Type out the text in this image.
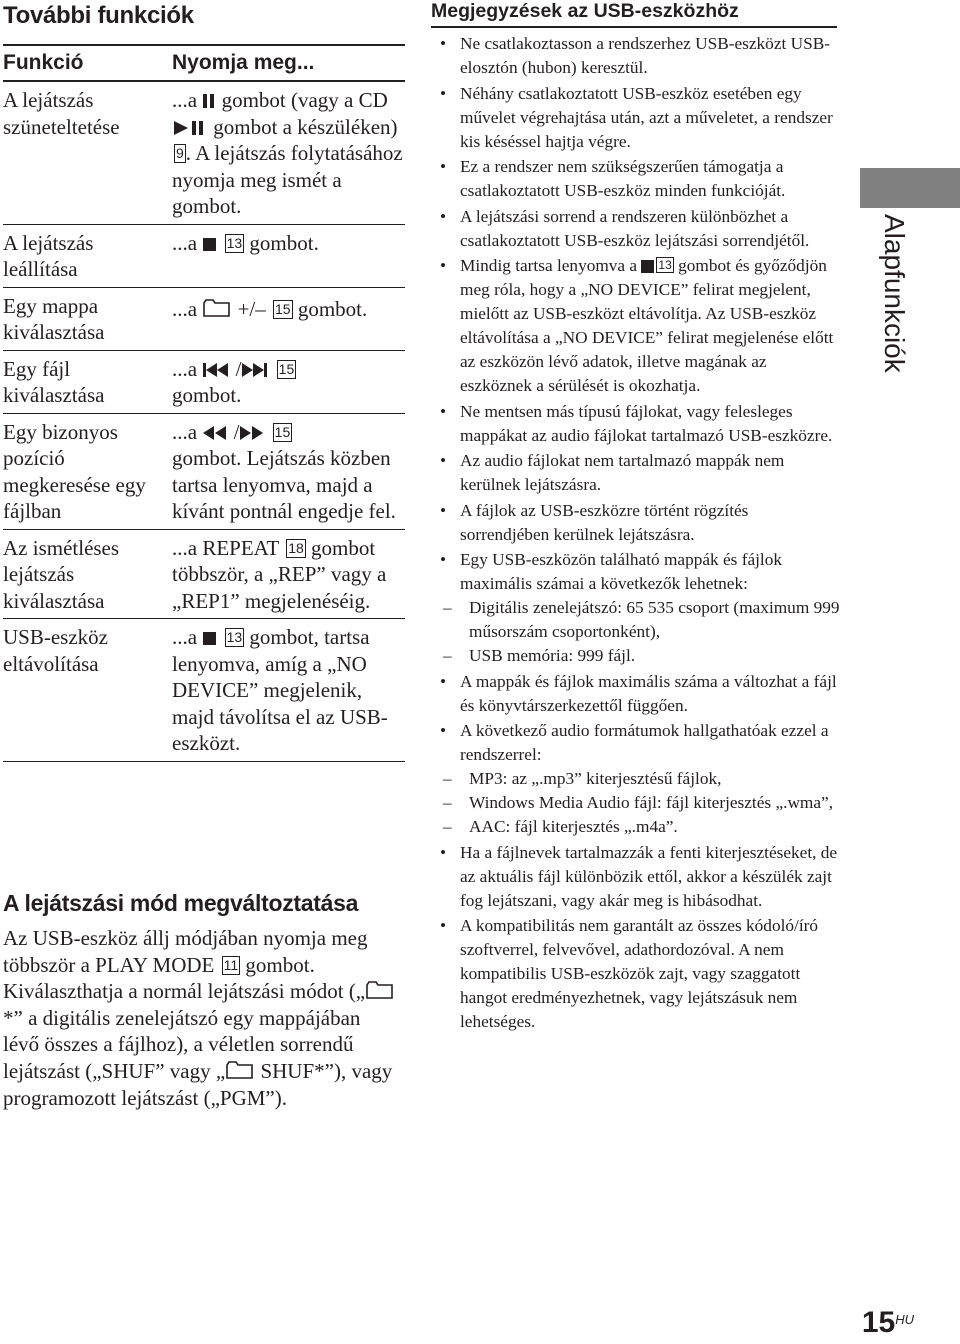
További funkciók
Funkció	Nyomja meg...
A lejátszás szüneteltetése
...a gombot (vagy a CD  gombot a készüléken) 9. A lejátszás folytatásához nyomja meg ismét a gombot.
A lejátszás leállítása
...a 13 gombot.
Egy mappa kiválasztása
...a +/– 15 gombot.
Egy fájl kiválasztása
...a /	15
gombot.
Egy bizonyos pozíció megkeresése egy fájlban
...a /	15
gombot. Lejátszás közben tartsa lenyomva, majd a kívánt pontnál engedje fel.
Az ismétléses lejátszás kiválasztása
...a REPEAT 18 gombot többször, a „REP” vagy a „REP1” megjelenéséig.
USB-eszköz eltávolítása
...a 13 gombot, tartsa lenyomva, amíg a „NO DEVICE” megjelenik, majd távolítsa el az USB-eszközt.
A lejátszási mód megváltoztatása
Az USB-eszköz állj módjában nyomja meg többször a PLAY MODE 11 gombot. Kiválaszthatja a normál lejátszási módot („*” a digitális zenelejátszó egy mappájában lévő összes a fájlhoz), a véletlen sorrendű lejátszást („SHUF” vagy „ SHUF*”), vagy programozott lejátszást („PGM”).
Megjegyzések az USB-eszközhöz
• Ne csatlakoztasson a rendszerhez USB-eszközt USB-elosztón (hubon) keresztül.
• Néhány csatlakoztatott USB-eszköz esetében egy művelet végrehajtása után, azt a műveletet, a rendszer kis késéssel hajtja végre.
• Ez a rendszer nem szükségszerűen támogatja a csatlakoztatott USB-eszköz minden funkcióját.
• A lejátszási sorrend a rendszeren különbözhet a csatlakoztatott USB-eszköz lejátszási sorrendjétől.
• Mindig tartsa lenyomva a 13 gombot és győződjön meg róla, hogy a „NO DEVICE” felirat megjelent, mielőtt az USB-eszközt eltávolítja. Az USB-eszköz eltávolítása a „NO DEVICE” felirat megjelenése előtt az eszközön lévő adatok, illetve magának az eszköznek a sérülését is okozhatja.
• Ne mentsen más típusú fájlokat, vagy felesleges mappákat az audio fájlokat tartalmazó USB-eszközre.
• Az audio fájlokat nem tartalmazó mappák nem kerülnek lejátszásra.
• A fájlok az USB-eszközre történt rögzítés sorrendjében kerülnek lejátszásra.
• Egy USB-eszközön található mappák és fájlok maximális számai a következők lehetnek:
– Digitális zenelejátszó: 65 535 csoport (maximum 999 műsorszám csoportonként),
– USB memória: 999 fájl.
• A mappák és fájlok maximális száma a változhat a fájl és könyvtárszerkezettől függően.
• A következő audio formátumok hallgathatóak ezzel a rendszerrel:
– MP3: az „.mp3” kiterjesztésű fájlok,
– Windows Media Audio fájl: fájl kiterjesztés „.wma”,
– AAC: fájl kiterjesztés „.m4a”.
• Ha a fájlnevek tartalmazzák a fenti kiterjesztéseket, de az aktuális fájl különbözik ettől, akkor a készülék zajt fog lejátszani, vagy akár meg is hibásodhat.
• A kompatibilitás nem garantált az összes kódoló/író szoftverrel, felvevővel, adathordozóval. A nem kompatibilis USB-eszközök zajt, vagy szaggatott hangot eredményezhetnek, vagy lejátszásuk nem lehetséges.
Alapfunkciók
$15^{HU}$
